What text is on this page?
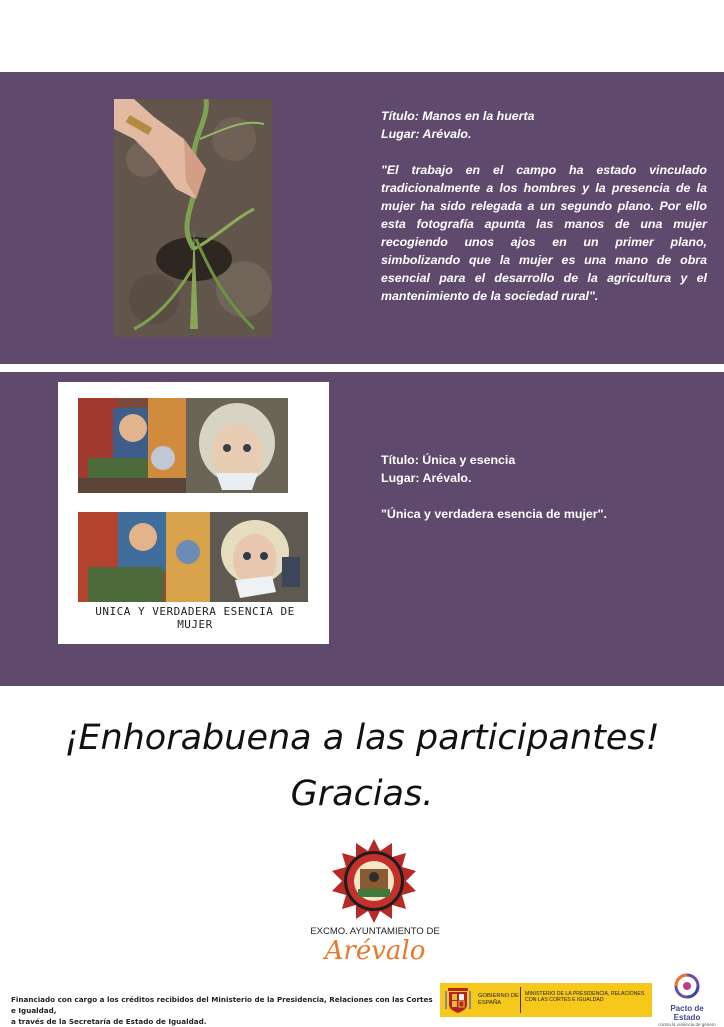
Título: Manos en la huerta

Lugar: Arévalo.

"El trabajo en el campo ha estado vinculado tradicionalmente a los hombres y la presencia de la mujer ha sido relegada a un segundo plano. Por ello esta fotografía apunta las manos de una mujer recogiendo unos ajos en un primer plano, simbolizando que la mujer es una mano de obra esencial para el desarrollo de la agricultura y el mantenimiento de la sociedad rural".

UNICA Y VERDADERA ESENCIA DE MUJER

Título: Única y esencia

Lugar: Arévalo.

"Única y verdadera esencia de mujer".

¡Enhorabuena a las participantes!
Gracias.
EXCMO. AYUNTAMIENTO DE
Arévalo
Financiado con cargo a los créditos recibidos del Ministerio de la Presidencia, Relaciones con las Cortes e Igualdad,
a través de la Secretaría de Estado de Igualdad.
GOBIERNO DE ESPAÑA
MINISTERIO DE LA PRESIDENCIA, RELACIONES CON LAS CORTES E IGUALDAD
Pacto de Estado
contra la violencia de género
